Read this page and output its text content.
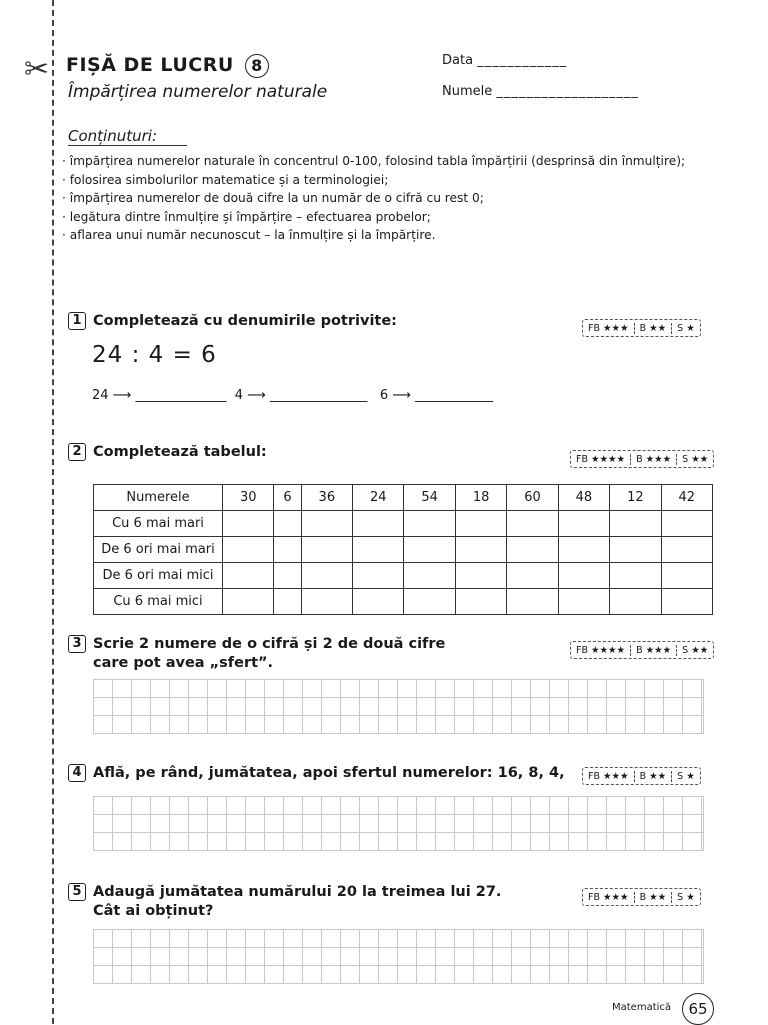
✂ FIȘĂ DE LUCRU 8
Împărțirea numerelor naturale
Data ____________
Numele ___________________
Conținuturi:
· împărțirea numerelor naturale în concentrul 0-100, folosind tabla împărțirii (desprinsă din înmulțire);
· folosirea simbolurilor matematice și a terminologiei;
· împărțirea numerelor de două cifre la un număr de o cifră cu rest 0;
· legătura dintre înmulțire și împărțire – efectuarea probelor;
· aflarea unui număr necunoscut – la înmulțire și la împărțire.
1 Completează cu denumirile potrivite:	FB ★★★	B ★★	S ★
24 : 4 = 6
24 ⟶ ______________ 4 ⟶ _______________ 6 ⟶ ____________
2 Completează tabelul:	FB ★★★★	B ★★★	S ★★
Numerele	30	6	36	24	54	18	60	48	12	42
Cu 6 mai mari										
De 6 ori mai mari										
De 6 ori mai mici										
Cu 6 mai mici										
3 Scrie 2 numere de o cifră și 2 de două cifre
care pot avea „sfert”.
FB ★★★★	B ★★★	S ★★
4 Află, pe rând, jumătatea, apoi sfertul numerelor: 16, 8, 4,	FB ★★★	B ★★	S ★
5 Adaugă jumătatea numărului 20 la treimea lui 27.
Cât ai obținut?
FB ★★★	B ★★	S ★
Matematică	65
